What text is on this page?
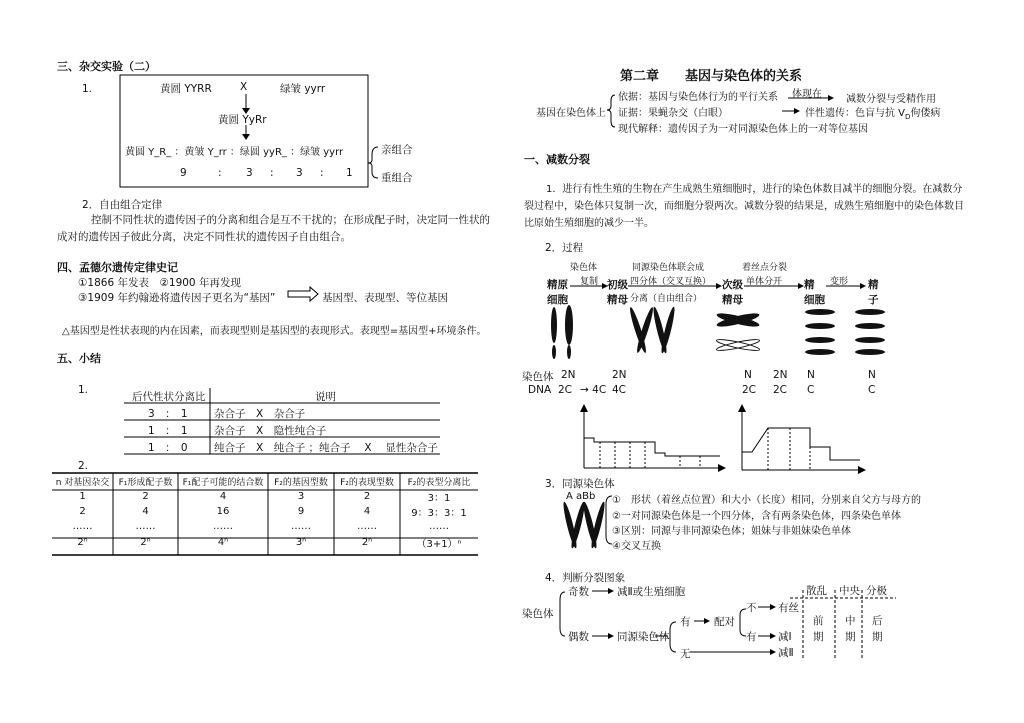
三、杂交实验（二）
1.	黄圆 YYRR	X	绿皱 yyrr
黄圆 YyRr
黄圆 Y_R_ ：黄皱 Y_rr ：绿圆 yyR_ ：绿皱 yyrr
9	: 3 : 3 : 1
亲组合
重组合
2．自由组合定律
控制不同性状的遗传因子的分离和组合是互不干扰的；在形成配子时，决定同一性状的成对的遗传因子彼此分离，决定不同性状的遗传因子自由组合。
四、孟德尔遗传定律史记
①1866 年发表　②1900 年再发现
③1909 年约翰逊将遗传因子更名为“基因”	基因型、表现型、等位基因
△基因型是性状表现的内在因素，而表现型则是基因型的表现形式。表现型=基因型+环境条件。
五、小结
1.
后代性状分离比	说明
3　：　1	杂合子　X　杂合子
1　：　1	杂合子　X　隐性纯合子
1　：　0	纯合子　X　纯合子 ；纯合子　 X　 显性杂合子
2.
n 对基因杂交	F₁形成配子数	F₁配子可能的结合数	F₂的基因型数	F₂的表现型数	F₂的表型分离比
1	2	4	3	2	3：1
2	4	16	9	4	9：3：3：1
……	……	……	……	……	……
2ⁿ	2ⁿ	4ⁿ	3ⁿ	2ⁿ	（3+1）ⁿ
第二章　　基因与染色体的关系
基因在染色体上
依据：基因与染色体行为的平行关系 体现在 减数分裂与受精作用
证据：果蝇杂交（白眼）	伴性遗传：色盲与抗 $V_D$佝偻病
现代解释：遗传因子为一对同源染色体上的一对等位基因
一、减数分裂
1．进行有性生殖的生物在产生成熟生殖细胞时，进行的染色体数目减半的细胞分裂。在减数分裂过程中，染色体只复制一次，而细胞分裂两次。减数分裂的结果是，成熟生殖细胞中的染色体数目比原始生殖细胞的减少一半。
2．过程
染色体	同源染色体联会成	着丝点分裂
变形
复制	四分体（交叉互换）	单体分开
分离（自由组合）
精原	初级	次级	精	精
细胞	精母	精母	细胞	子
染色体 2N	2N	N 2N N	N
DNA 2C → 4C 4C	2C 2C C	C
3．同源染色体
A aBb ①　形状（着丝点位置）和大小（长度）相同，分别来自父方与母方的
②一对同源染色体是一个四分体，含有两条染色体，四条染色单体
③区别：同源与非同源染色体；姐妹与非姐妹染色单体
④交叉互换
4．判断分裂图象
染色体
奇数	减Ⅱ或生殖细胞
偶数	同源染色体
有
无
配对
不
有
有丝
减Ⅰ
减Ⅱ
散乱 中央 分极
前 中 后
期 期 期
